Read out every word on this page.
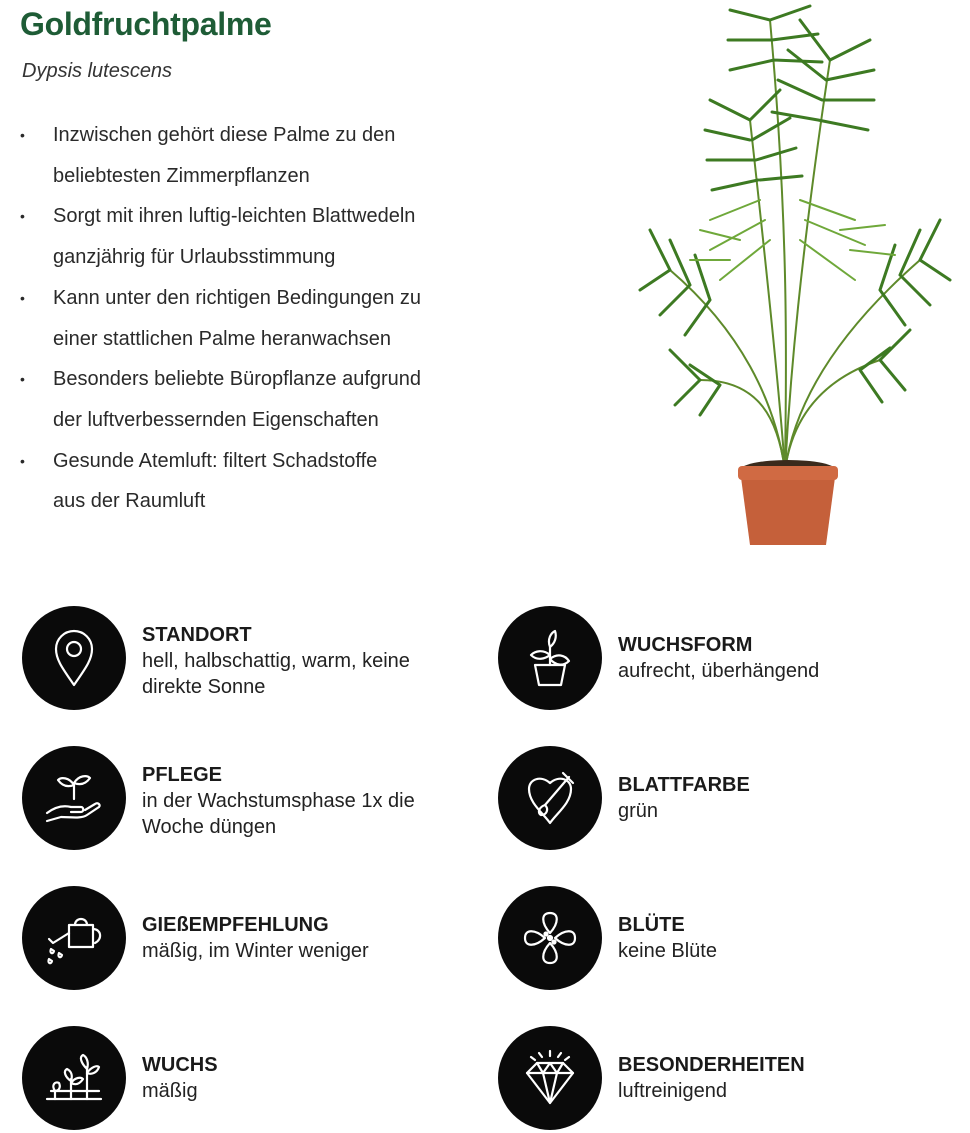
Goldfruchtpalme
Dypsis lutescens
• Inzwischen gehört diese Palme zu den
beliebtesten Zimmerpflanzen
• Sorgt mit ihren luftig-leichten Blattwedeln
ganzjährig für Urlaubsstimmung
• Kann unter den richtigen Bedingungen zu
einer stattlichen Palme heranwachsen
• Besonders beliebte Büropflanze aufgrund
der luftverbessernden Eigenschaften
• Gesunde Atemluft: filtert Schadstoffe
aus der Raumluft
STANDORT
hell, halbschattig, warm, keine
direkte Sonne
WUCHSFORM
aufrecht, überhängend
PFLEGE
in der Wachstumsphase 1x die
Woche düngen
BLATTFARBE
grün
GIEßEMPFEHLUNG
mäßig, im Winter weniger
BLÜTE
keine Blüte
WUCHS
mäßig
BESONDERHEITEN
luftreinigend
